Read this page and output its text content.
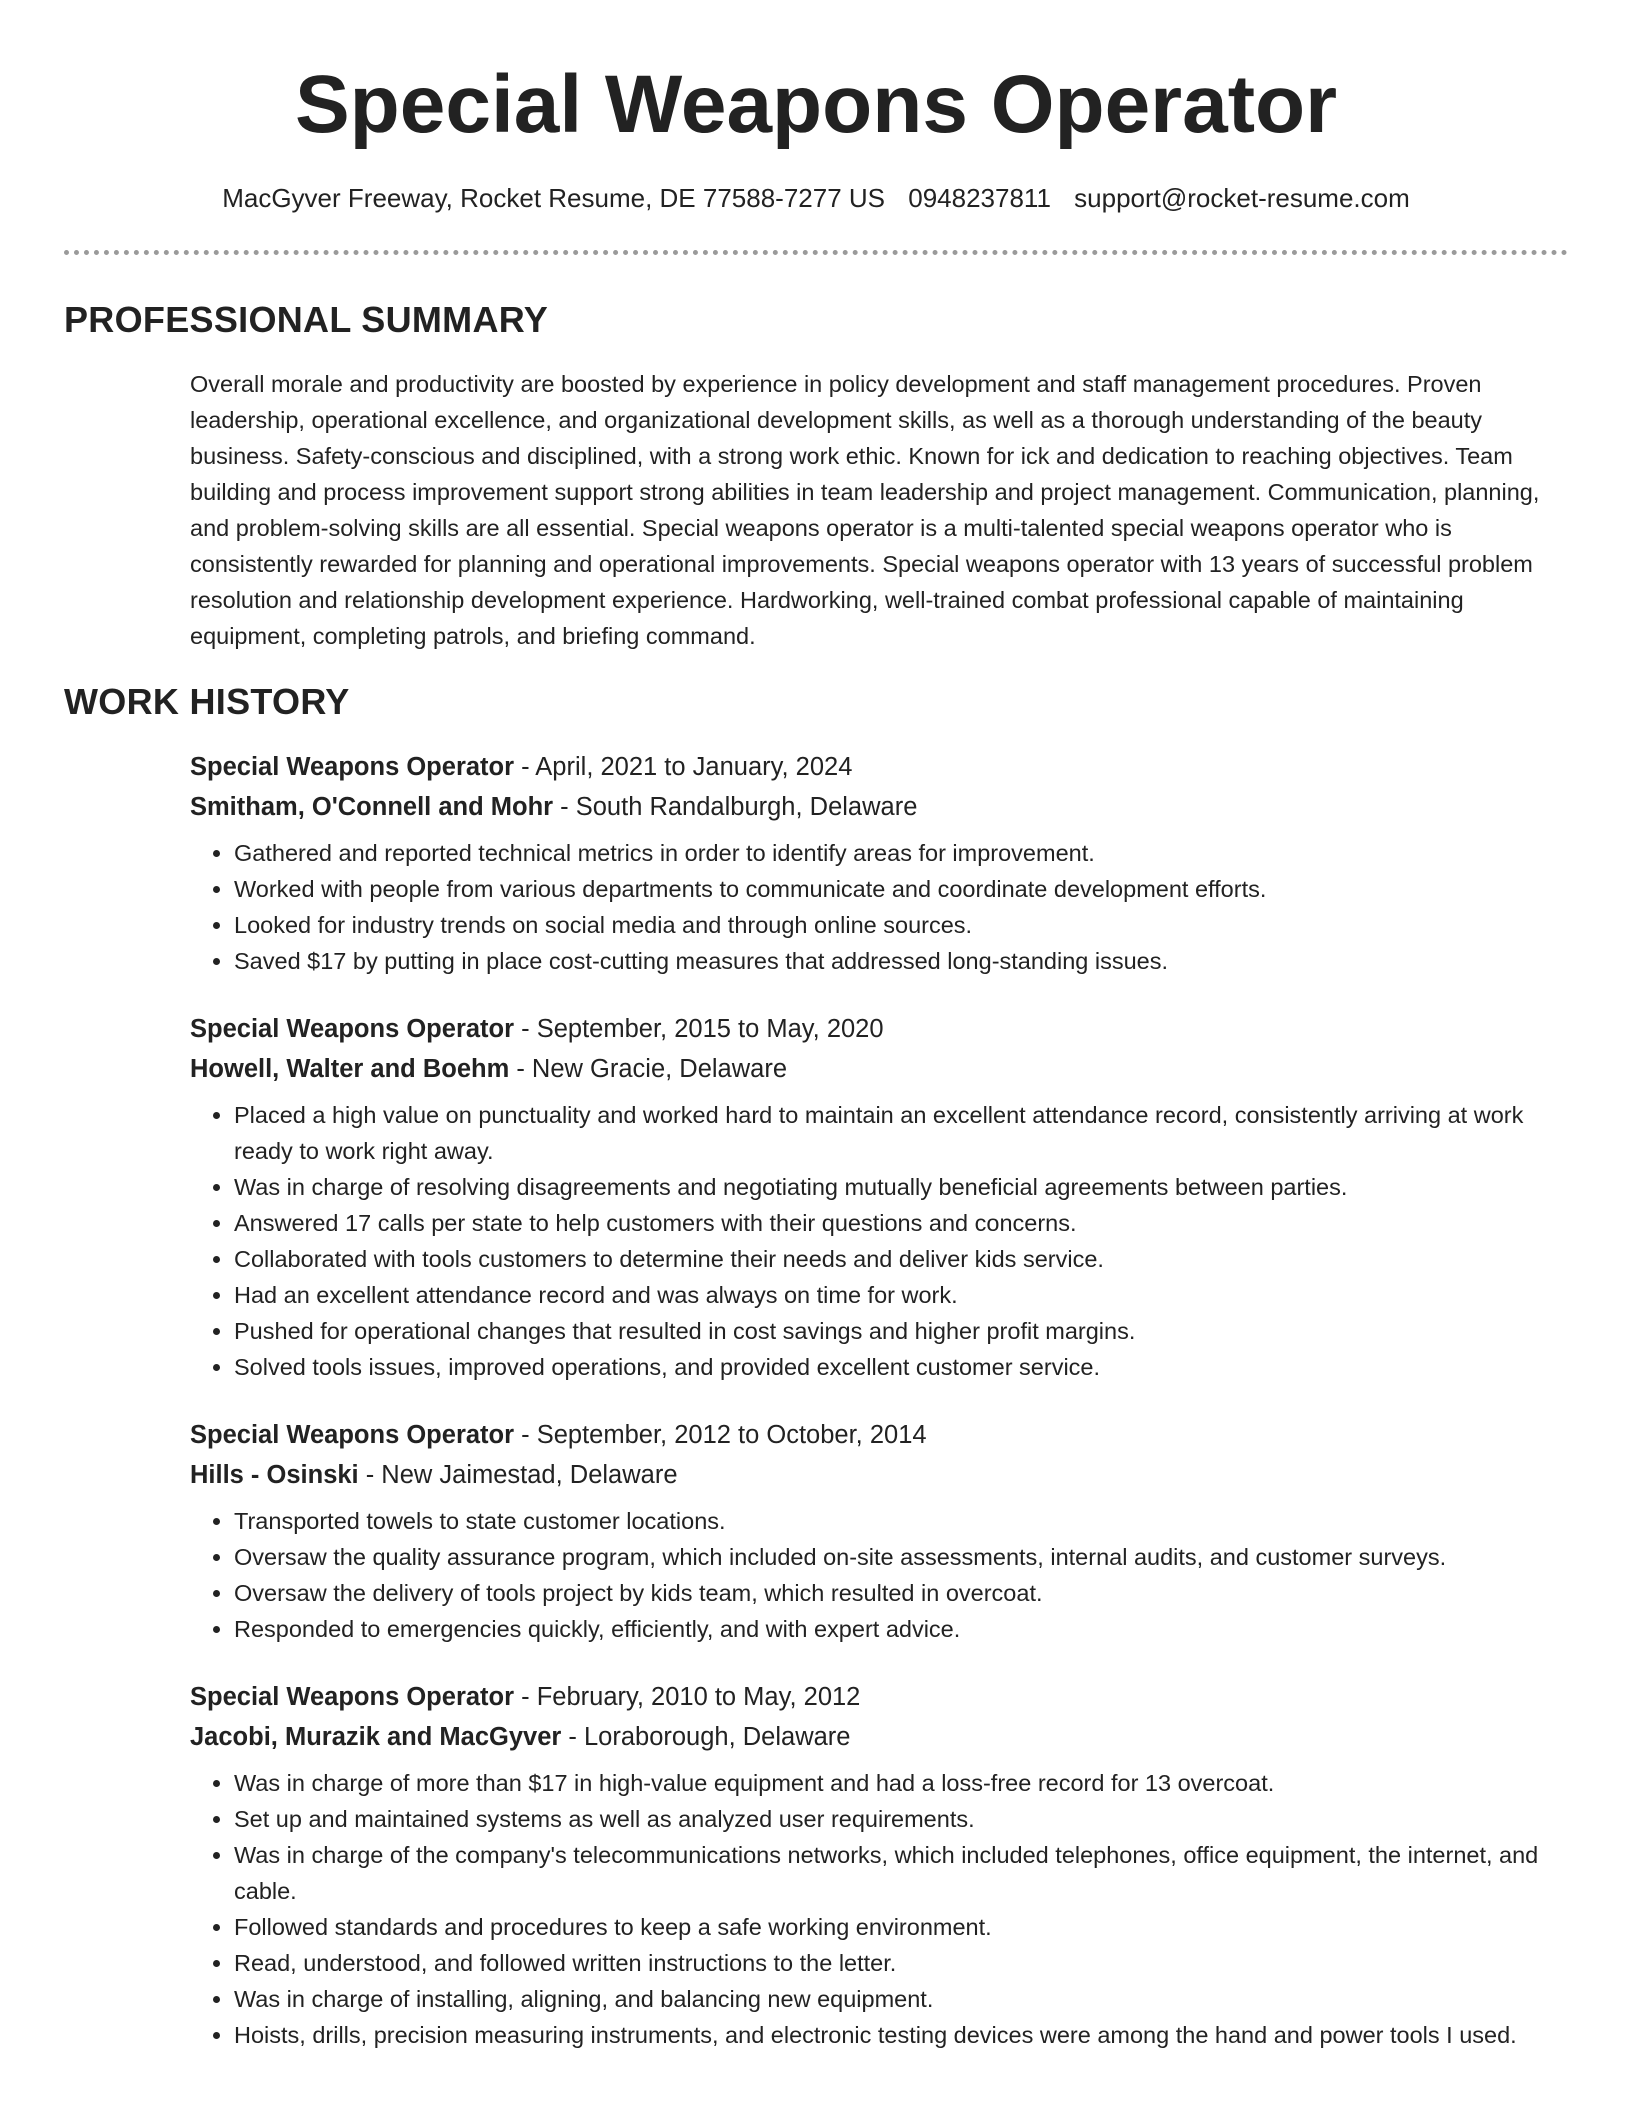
Special Weapons Operator
MacGyver Freeway, Rocket Resume, DE 77588-7277 US 0948237811 support@rocket-resume.com
PROFESSIONAL SUMMARY

Overall morale and productivity are boosted by experience in policy development and staff management procedures. Proven leadership, operational excellence, and organizational development skills, as well as a thorough understanding of the beauty business. Safety-conscious and disciplined, with a strong work ethic. Known for ick and dedication to reaching objectives. Team building and process improvement support strong abilities in team leadership and project management. Communication, planning, and problem-solving skills are all essential. Special weapons operator is a multi-talented special weapons operator who is consistently rewarded for planning and operational improvements. Special weapons operator with 13 years of successful problem resolution and relationship development experience. Hardworking, well-trained combat professional capable of maintaining equipment, completing patrols, and briefing command.

WORK HISTORY
Special Weapons Operator - April, 2021 to January, 2024
Smitham, O'Connell and Mohr - South Randalburgh, Delaware
• Gathered and reported technical metrics in order to identify areas for improvement.
• Worked with people from various departments to communicate and coordinate development efforts.
• Looked for industry trends on social media and through online sources.
• Saved $17 by putting in place cost-cutting measures that addressed long-standing issues.
Special Weapons Operator - September, 2015 to May, 2020
Howell, Walter and Boehm - New Gracie, Delaware
• Placed a high value on punctuality and worked hard to maintain an excellent attendance record, consistently arriving at work ready to work right away.
• Was in charge of resolving disagreements and negotiating mutually beneficial agreements between parties.
• Answered 17 calls per state to help customers with their questions and concerns.
• Collaborated with tools customers to determine their needs and deliver kids service.
• Had an excellent attendance record and was always on time for work.
• Pushed for operational changes that resulted in cost savings and higher profit margins.
• Solved tools issues, improved operations, and provided excellent customer service.
Special Weapons Operator - September, 2012 to October, 2014
Hills - Osinski - New Jaimestad, Delaware
• Transported towels to state customer locations.
• Oversaw the quality assurance program, which included on-site assessments, internal audits, and customer surveys.
• Oversaw the delivery of tools project by kids team, which resulted in overcoat.
• Responded to emergencies quickly, efficiently, and with expert advice.
Special Weapons Operator - February, 2010 to May, 2012
Jacobi, Murazik and MacGyver - Loraborough, Delaware
• Was in charge of more than $17 in high-value equipment and had a loss-free record for 13 overcoat.
• Set up and maintained systems as well as analyzed user requirements.
• Was in charge of the company's telecommunications networks, which included telephones, office equipment, the internet, and cable.
• Followed standards and procedures to keep a safe working environment.
• Read, understood, and followed written instructions to the letter.
• Was in charge of installing, aligning, and balancing new equipment.
• Hoists, drills, precision measuring instruments, and electronic testing devices were among the hand and power tools I used.
